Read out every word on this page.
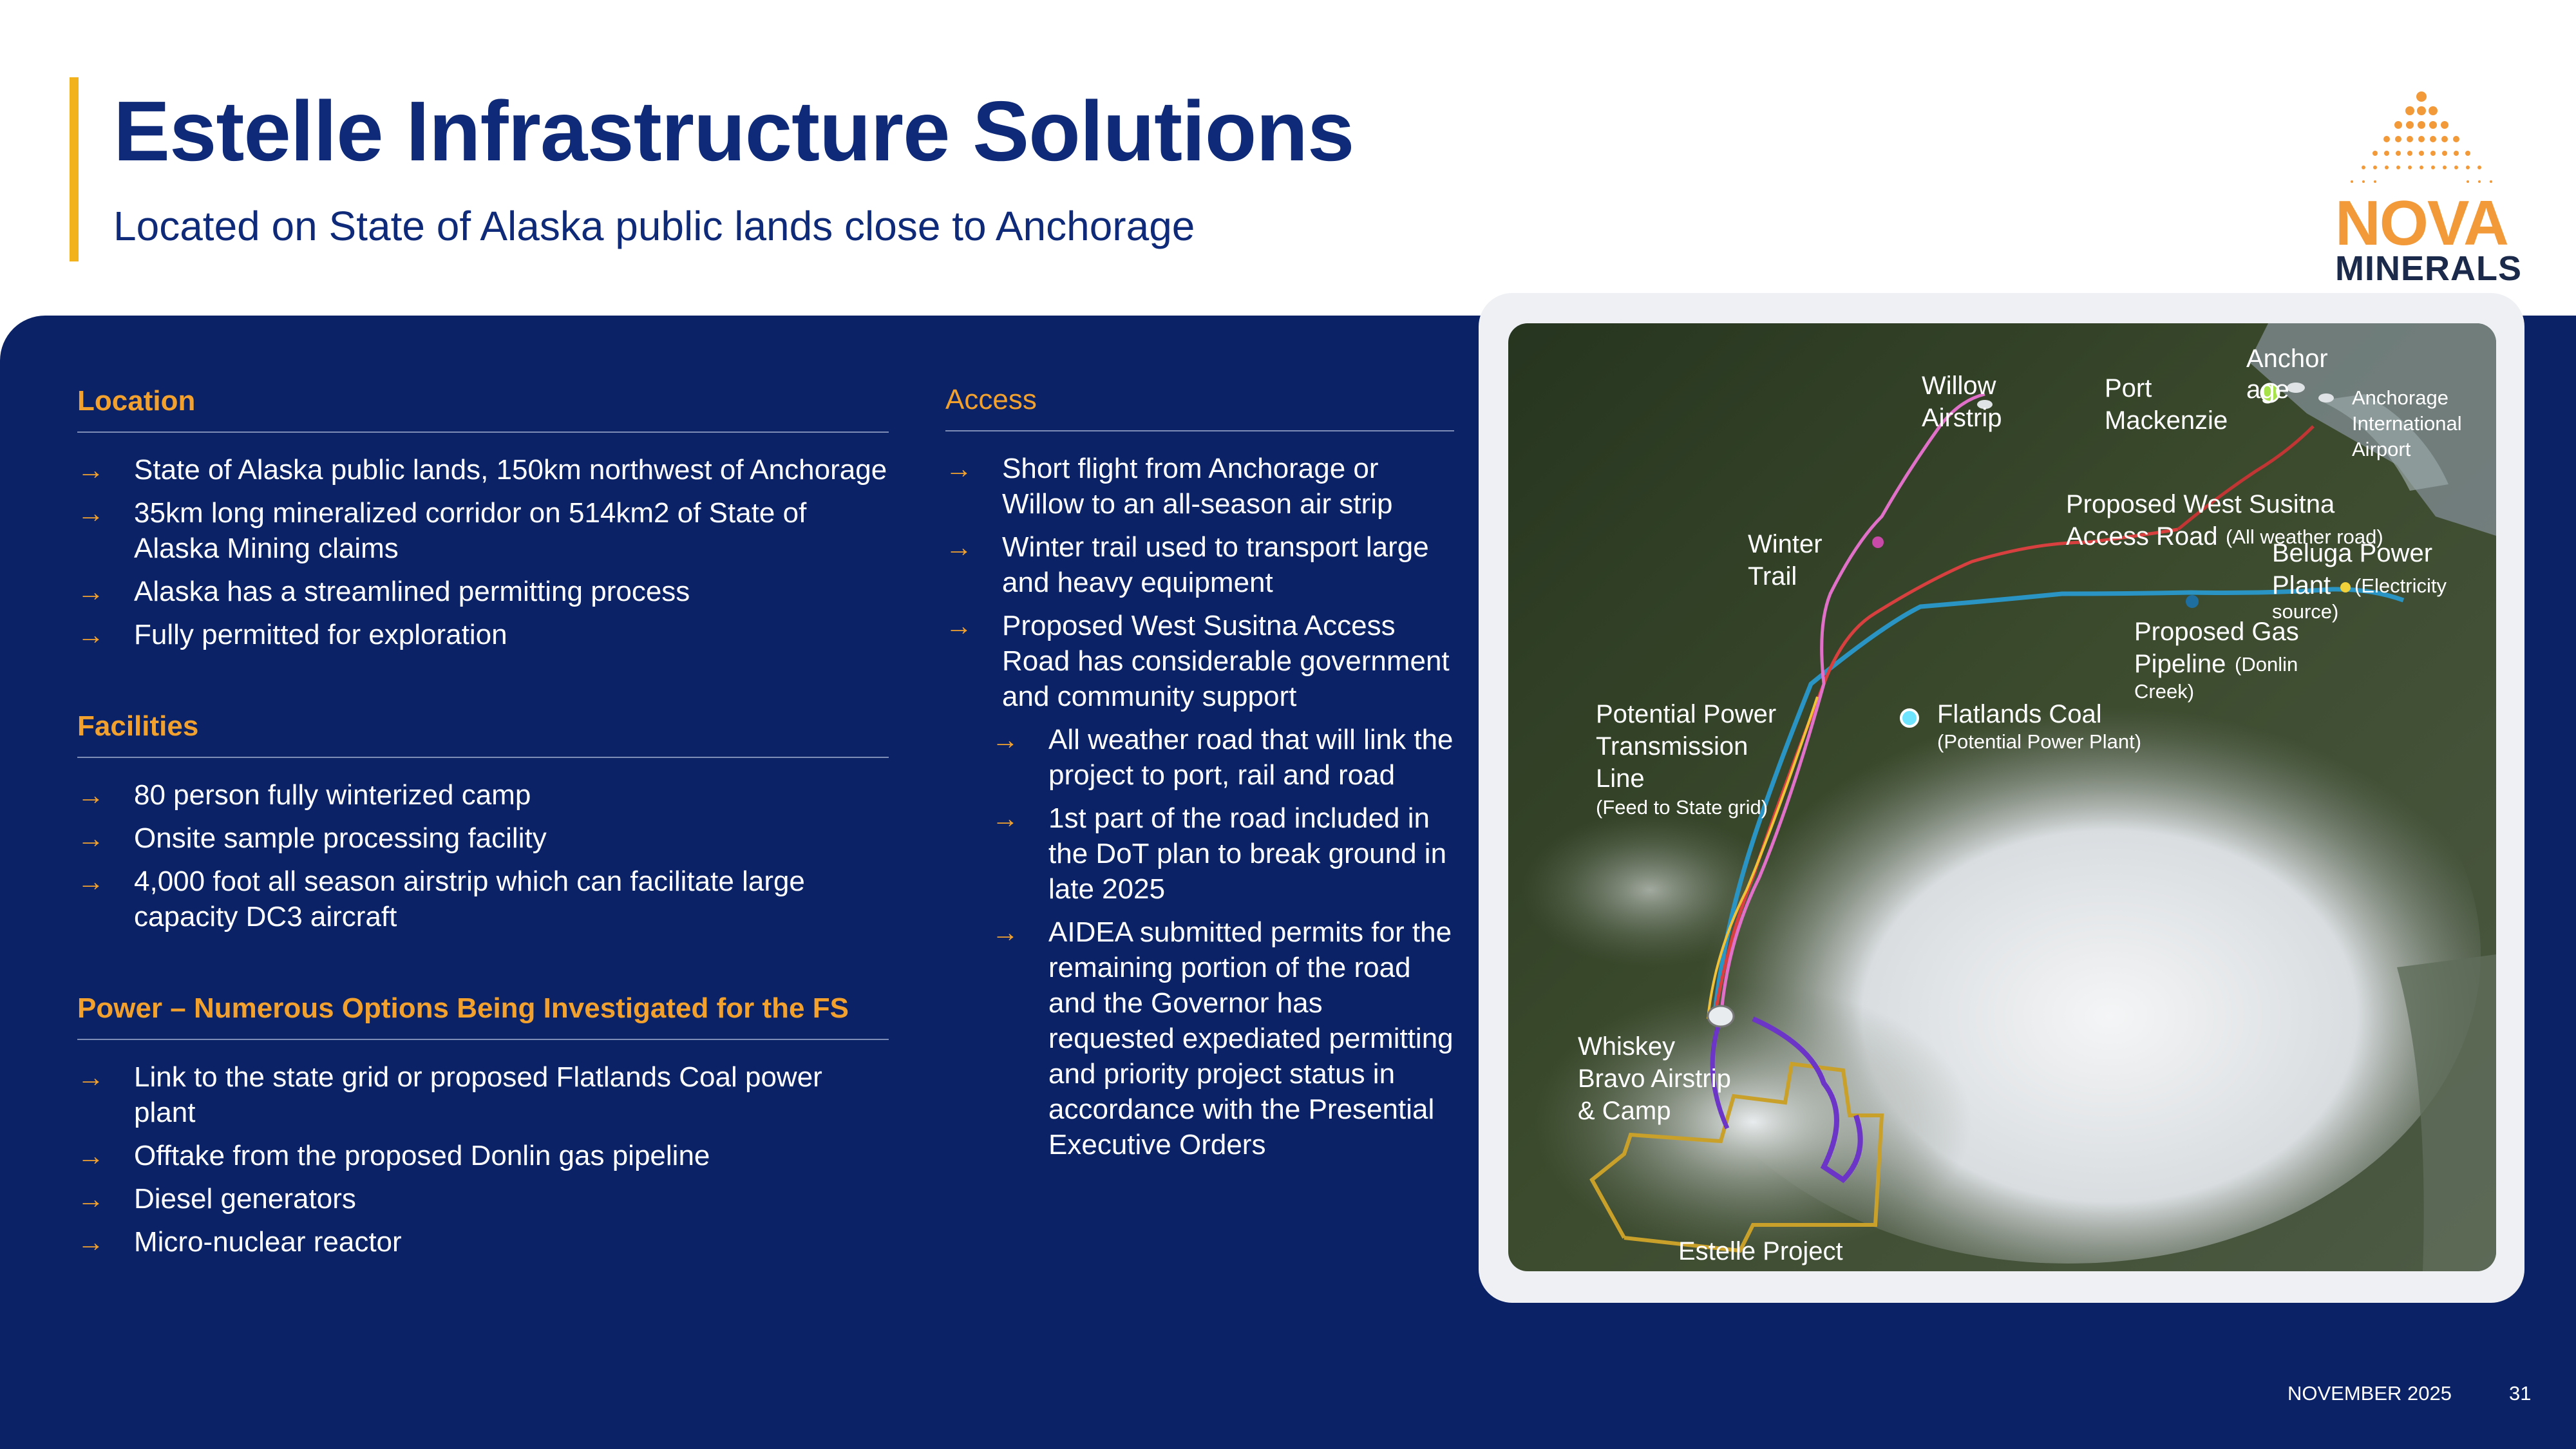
Estelle Infrastructure Solutions

Located on State of Alaska public lands close to Anchorage	NOVA
MINERALS
Location
→ State of Alaska public lands, 150km northwest of Anchorage
→ 35km long mineralized corridor on 514km2 of State of Alaska Mining claims
→ Alaska has a streamlined permitting process
→ Fully permitted for exploration
Facilities
→ 80 person fully winterized camp
→ Onsite sample processing facility
→ 4,000 foot all season airstrip which can facilitate large capacity DC3 aircraft
Power – Numerous Options Being Investigated for the FS
→ Link to the state grid or proposed Flatlands Coal power plant
→ Offtake from the proposed Donlin gas pipeline
→ Diesel generators
→ Micro-nuclear reactor
Access
→ Short flight from Anchorage or Willow to an all-season air strip
→ Winter trail used to transport large and heavy equipment
→ Proposed West Susitna Access Road has considerable government and community support
→ All weather road that will link the project to port, rail and road
→ 1st part of the road included in the DoT plan to break ground in late 2025
→ AIDEA submitted permits for the remaining portion of the road and the Governor has requested expediated permitting and priority project status in accordance with the Presential Executive Orders
Willow
Airstrip
Port
Mackenzie
Anchor
age	Anchorage
International
Airport
Proposed West Susitna
Access Road (All weather road)
Beluga Power
Plant (Electricity
source)
Winter
Trail
Proposed Gas
Pipeline (Donlin
Creek)
Potential Power
Transmission
Line
(Feed to State grid)
Flatlands Coal
(Potential Power Plant)
Whiskey
Bravo Airstrip
& Camp
Estelle Project
NOVEMBER 2025	31
